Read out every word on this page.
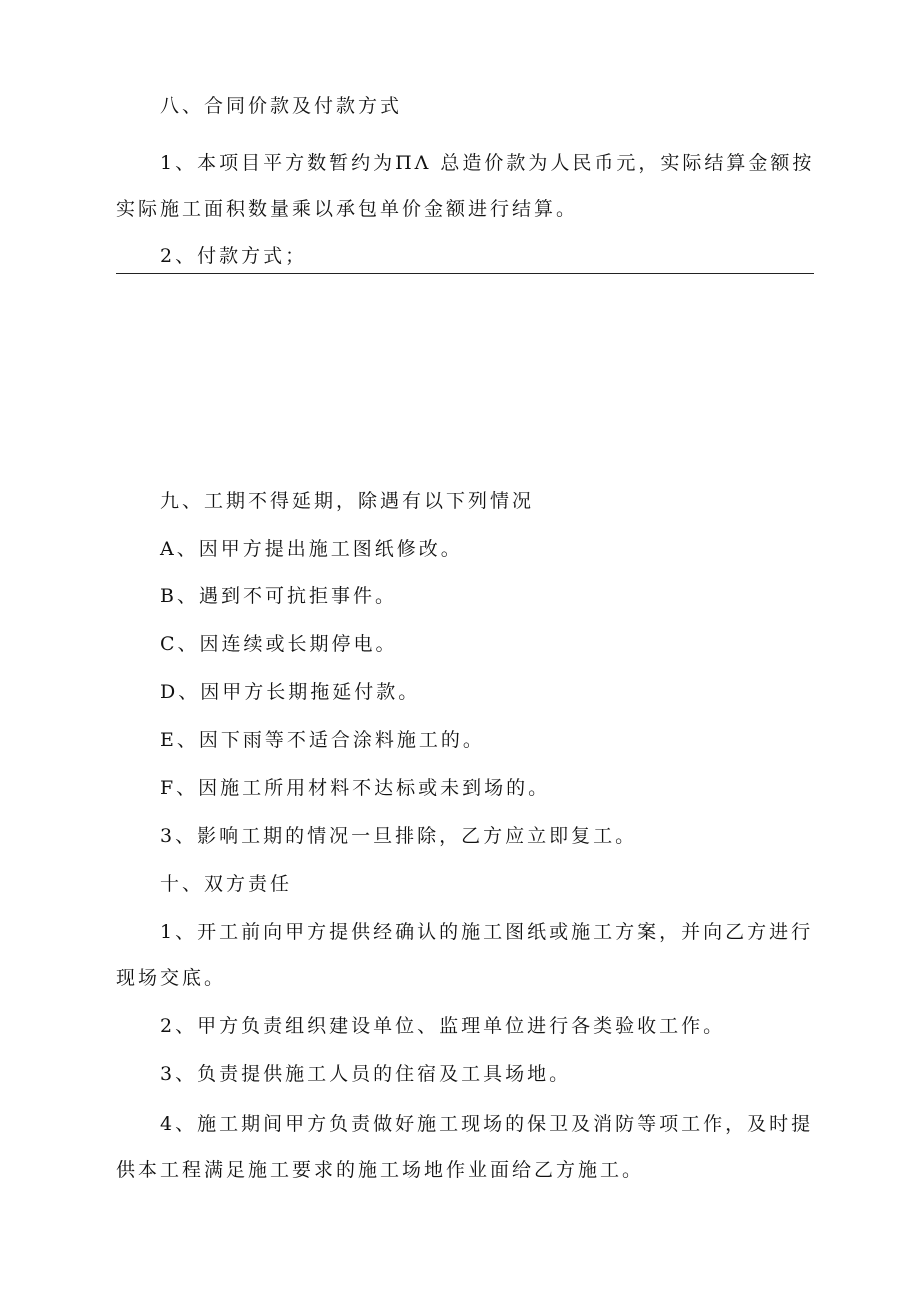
八、合同价款及付款方式
1、本项目平方数暂约为ΠΛ 总造价款为人民币元，实际结算金额按
实际施工面积数量乘以承包单价金额进行结算。
2、付款方式；
九、工期不得延期，除遇有以下列情况
A、因甲方提出施工图纸修改。
B、遇到不可抗拒事件。
C、因连续或长期停电。
D、因甲方长期拖延付款。
E、因下雨等不适合涂料施工的。
F、因施工所用材料不达标或未到场的。
3、影响工期的情况一旦排除，乙方应立即复工。
十、双方责任
1、开工前向甲方提供经确认的施工图纸或施工方案，并向乙方进行
现场交底。
2、甲方负责组织建设单位、监理单位进行各类验收工作。
3、负责提供施工人员的住宿及工具场地。
4、施工期间甲方负责做好施工现场的保卫及消防等项工作，及时提
供本工程满足施工要求的施工场地作业面给乙方施工。
